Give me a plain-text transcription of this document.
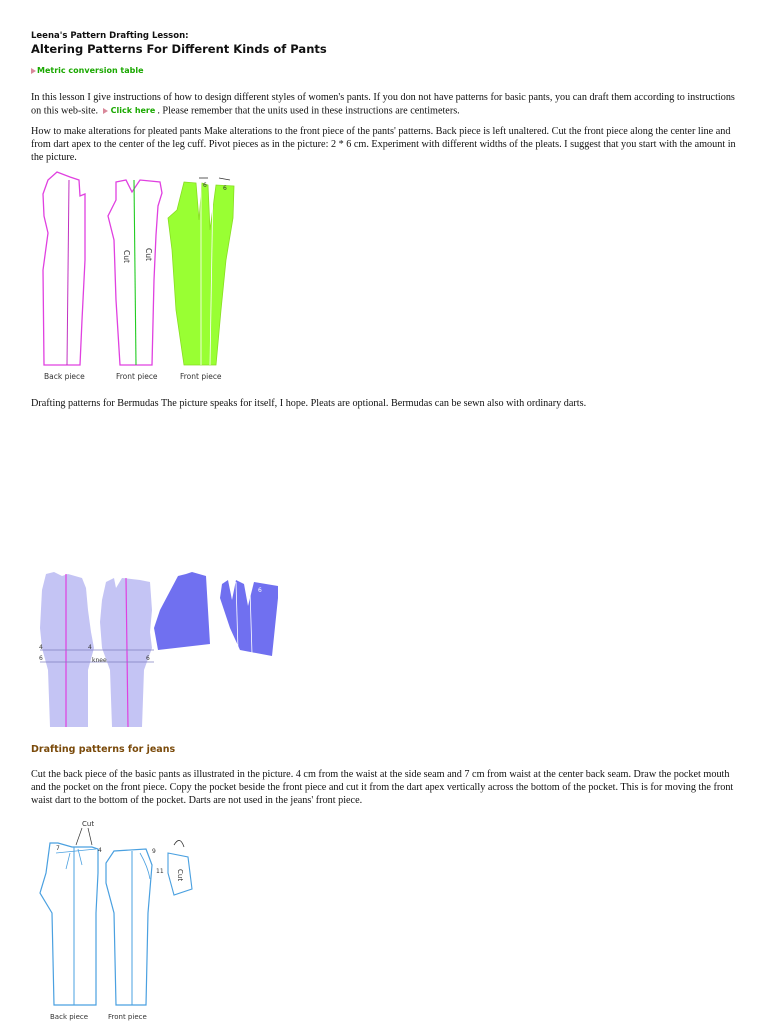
Leena's Pattern Drafting Lesson:
Altering Patterns For Different Kinds of Pants
Metric conversion table
In this lesson I give instructions of how to design different styles of women's pants. If you don not have patterns for basic pants, you can draft them according to instructions on this web-site. Click here . Please remember that the units used in these instructions are centimeters.
How to make alterations for pleated pants Make alterations to the front piece of the pants' patterns. Back piece is left unaltered. Cut the front piece along the center line and from dart apex to the center of the leg cuff. Pivot pieces as in the picture: 2 * 6 cm. Experiment with different widths of the pleats. I suggest that you start with the amount in the picture.
6	6
Cut Cut
Back piece	Front piece	Front piece
Drafting patterns for Bermudas The picture speaks for itself, I hope. Pleats are optional. Bermudas can be sewn also with ordinary darts.
4
6
4
6
knee
6
Drafting patterns for jeans
Cut the back piece of the basic pants as illustrated in the picture. 4 cm from the waist at the side seam and 7 cm from waist at the center back seam. Draw the pocket mouth and the pocket on the front piece. Copy the pocket beside the front piece and cut it from the dart apex vertically across the bottom of the pocket. This is for moving the front waist dart to the bottom of the pocket. Darts are not used in the jeans' front piece.
Cut
7	4	9
11 Cut
Back piece	Front piece
